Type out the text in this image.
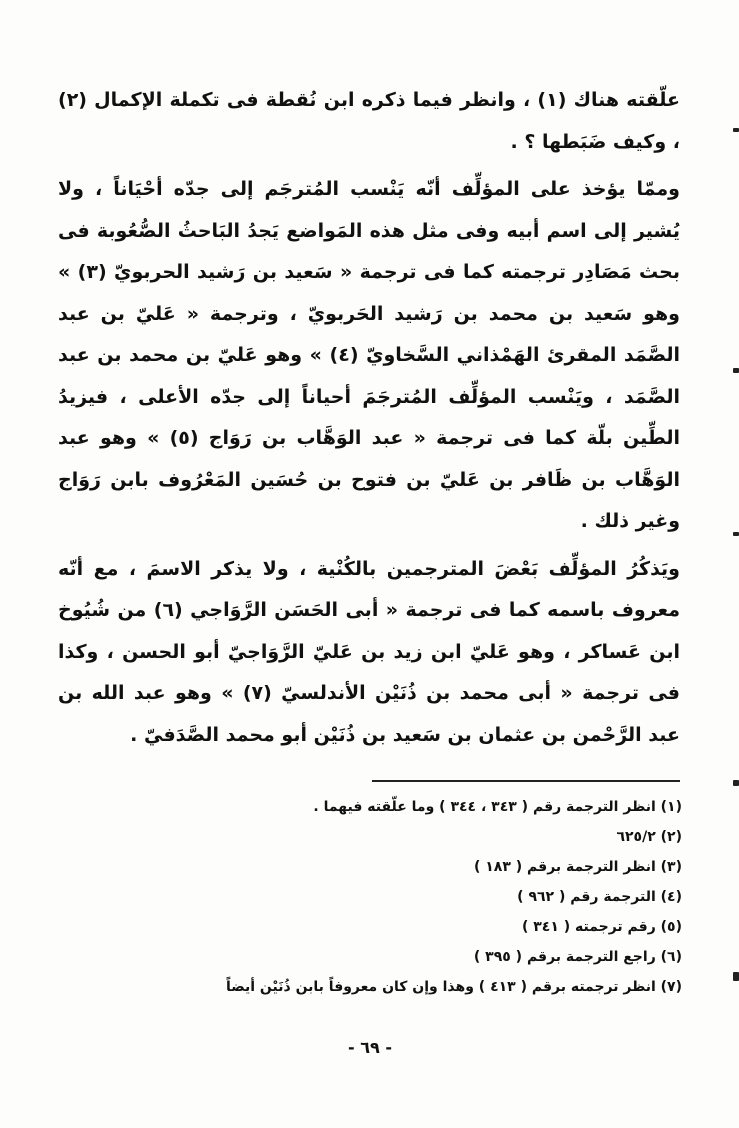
علّقته هناك (١) ، وانظر فيما ذكره ابن نُقطة فى تكملة الإكمال (٢) ، وكيف ضَبَطها ؟ .

وممّا يؤخذ على المؤلِّف أنّه يَنْسب المُترجَم إلى جدّه أحْيَاناً ، ولا يُشير إلى اسم أبيه وفى مثل هذه المَواضع يَجدُ البَاحثُ الصُّعُوبة فى بحث مَصَادِر ترجمته كما فى ترجمة « سَعيد بن رَشيد الحربويّ (٣) » وهو سَعيد بن محمد بن رَشيد الحَربويّ ، وترجمة « عَليّ بن عبد الصَّمَد المقرئ الهَمْذاني السَّخاويّ (٤) » وهو عَليّ بن محمد بن عبد الصَّمَد ، ويَنْسب المؤلِّف المُترجَمَ أحياناً إلى جدّه الأعلى ، فيزيدُ الطِّين بلّة كما فى ترجمة « عبد الوَهَّاب بن رَوَاج (٥) » وهو عبد الوَهَّاب بن ظَافر بن عَليّ بن فتوح بن حُسَين المَعْرُوف بابن رَوَاج وغير ذلك .

ويَذكُرُ المؤلِّف بَعْضَ المترجمين بالكُنْية ، ولا يذكر الاسمَ ، مع أنّه معروف باسمه كما فى ترجمة « أبى الحَسَن الرَّوَاجي (٦) من شُيُوخ ابن عَساكر ، وهو عَليّ ابن زيد بن عَليّ الرَّوَاجيّ أبو الحسن ، وكذا فى ترجمة « أبى محمد بن ذُنَيْن الأندلسيّ (٧) » وهو عبد الله بن عبد الرَّحْمن بن عثمان بن سَعيد بن ذُنَيْن أبو محمد الصَّدَفيّ .

(١) انظر الترجمة رقم ( ٣٤٣ ، ٣٤٤ ) وما علّقته فيهما .
(٢) ٦٢٥/٢
(٣) انظر الترجمة برقم ( ١٨٣ )
(٤) الترجمة رقم ( ٩٦٢ )
(٥) رقم ترجمته ( ٣٤١ )
(٦) راجع الترجمة برقم ( ٣٩٥ )
(٧) انظر ترجمته برقم ( ٤١٣ ) وهذا وإن كان معروفاً بابن ذُنَيْن أيضاً
- ٦٩ -
